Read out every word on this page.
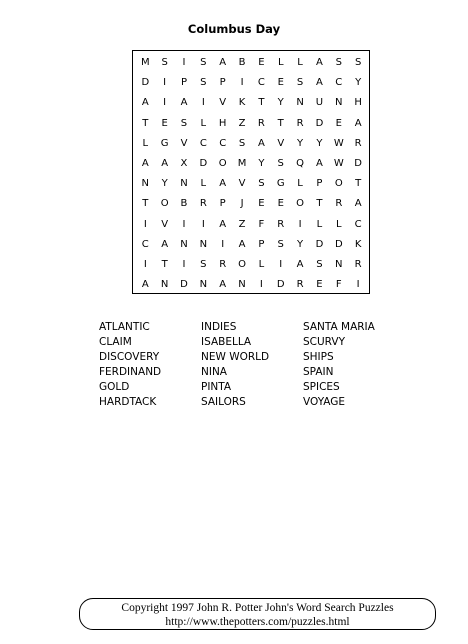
Columbus Day
M	S	I	S	A	B	E	L	L	A	S	S
D	I	P	S	P	I	C	E	S	A	C	Y
A	I	A	I	V	K	T	Y	N	U	N	H
T	E	S	L	H	Z	R	T	R	D	E	A
L	G	V	C	C	S	A	V	Y	Y	W	R
A	A	X	D	O	M	Y	S	Q	A	W	D
N	Y	N	L	A	V	S	G	L	P	O	T
T	O	B	R	P	J	E	E	O	T	R	A
I	V	I	I	A	Z	F	R	I	L	L	C
C	A	N	N	I	A	P	S	Y	D	D	K
I	T	I	S	R	O	L	I	A	S	N	R
A	N	D	N	A	N	I	D	R	E	F	I
ATLANTIC
CLAIM
DISCOVERY
FERDINAND
GOLD
HARDTACK
INDIES
ISABELLA
NEW WORLD
NINA
PINTA
SAILORS
SANTA MARIA
SCURVY
SHIPS
SPAIN
SPICES
VOYAGE
Copyright 1997 John R. Potter John's Word Search Puzzles
http://www.thepotters.com/puzzles.html
